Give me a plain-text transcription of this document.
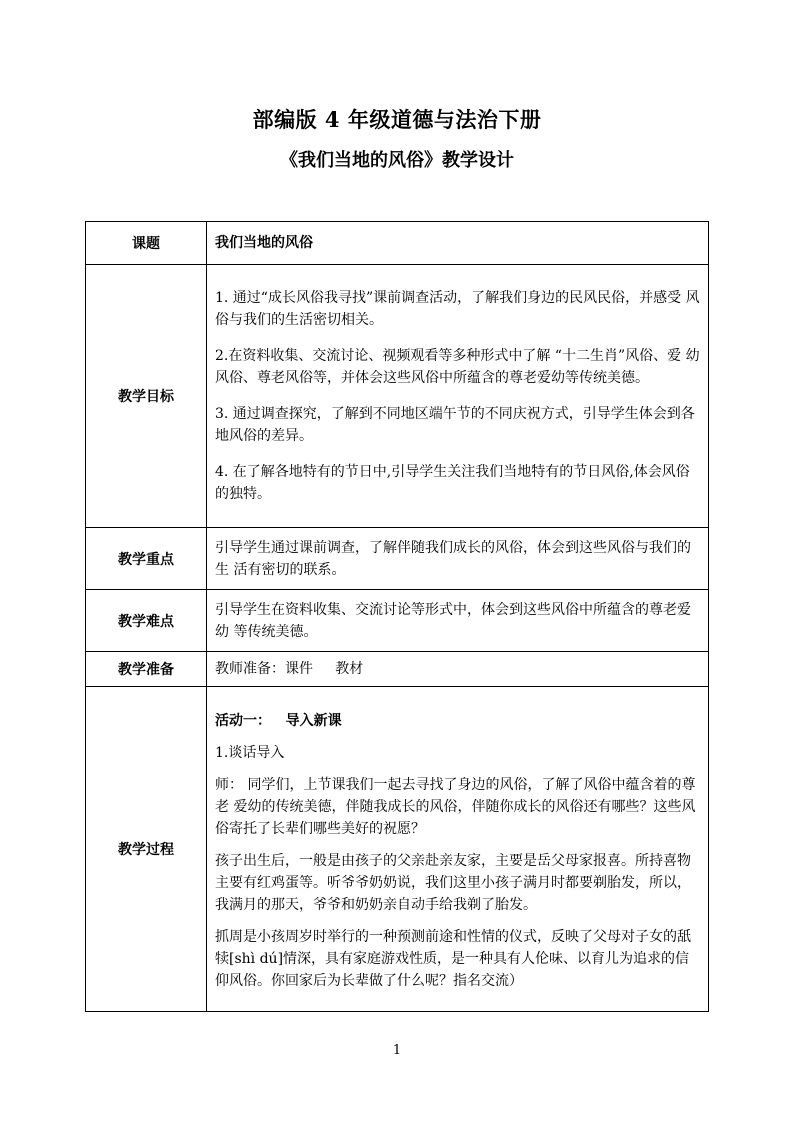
部编版 4 年级道德与法治下册
《我们当地的风俗》教学设计
课题	我们当地的风俗
教学目标	1. 通过“成长风俗我寻找”课前调查活动，了解我们身边的民风民俗，并感受 风俗与我们的生活密切相关。

2.在资料收集、交流讨论、视频观看等多种形式中了解 “十二生肖”风俗、爱 幼风俗、尊老风俗等，并体会这些风俗中所蕴含的尊老爱幼等传统美德。

3. 通过调查探究，了解到不同地区端午节的不同庆祝方式，引导学生体会到各 地风俗的差异。

4. 在了解各地特有的节日中,引导学生关注我们当地特有的节日风俗,体会风俗的独特。

教学重点	引导学生通过课前调查，了解伴随我们成长的风俗，体会到这些风俗与我们的生 活有密切的联系。
教学难点	引导学生在资料收集、交流讨论等形式中，体会到这些风俗中所蕴含的尊老爱幼 等传统美德。
教学准备	教师准备：课件     教材
教学过程	活动一：   导入新课

1.谈话导入

师： 同学们，上节课我们一起去寻找了身边的风俗，了解了风俗中蕴含着的尊老 爱幼的传统美德，伴随我成长的风俗，伴随你成长的风俗还有哪些？这些风俗寄托了长辈们哪些美好的祝愿？

孩子出生后，一般是由孩子的父亲赴亲友家，主要是岳父母家报喜。所持喜物主要有红鸡蛋等。听爷爷奶奶说，我们这里小孩子满月时都要剃胎发，所以，我满月的那天，爷爷和奶奶亲自动手给我剃了胎发。

抓周是小孩周岁时举行的一种预测前途和性情的仪式，反映了父母对子女的舐犊[shì dú]情深，具有家庭游戏性质，是一种具有人伦味、以育儿为追求的信仰风俗。你回家后为长辈做了什么呢？指名交流）

1
